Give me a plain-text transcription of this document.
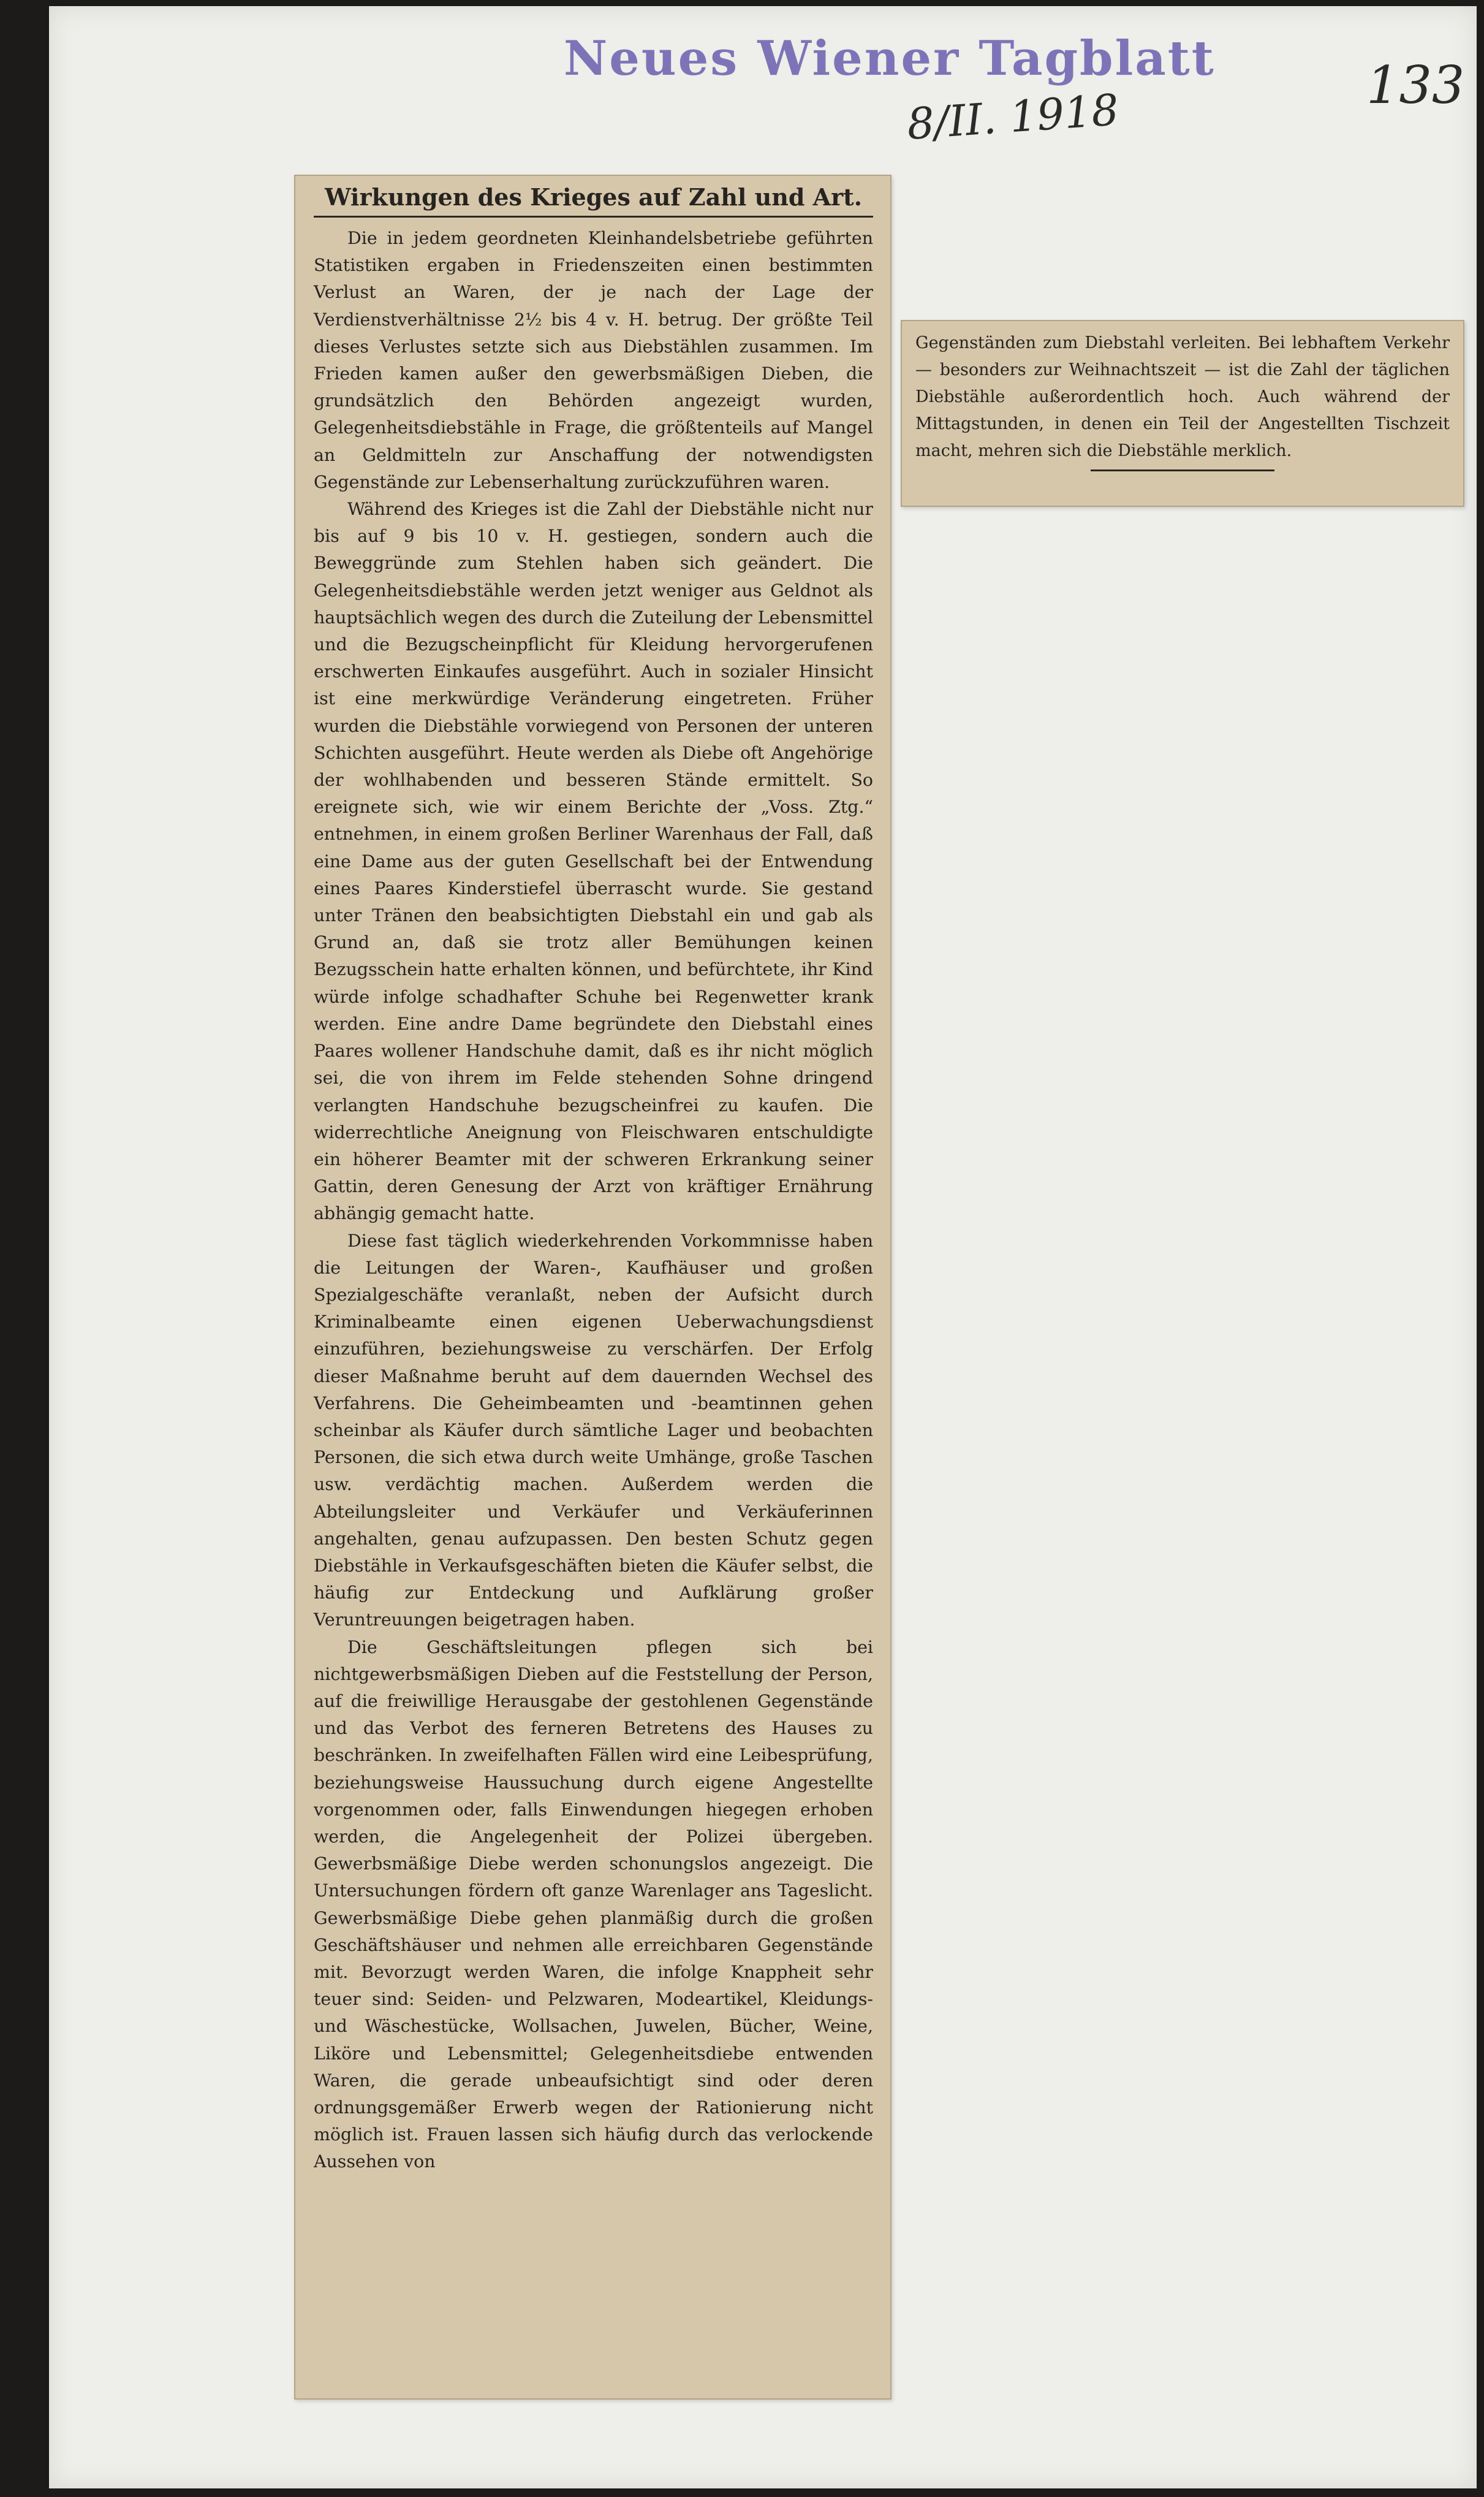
Neues Wiener Tagblatt
8/II. 1918	133
Wirkungen des Krieges auf Zahl und Art.

Die in jedem geordneten Kleinhandelsbetriebe geführten Statistiken ergaben in Friedenszeiten einen bestimmten Verlust an Waren, der je nach der Lage der Verdienstverhältnisse 2½ bis 4 v. H. betrug. Der größte Teil dieses Verlustes setzte sich aus Diebstählen zusammen. Im Frieden kamen außer den gewerbsmäßigen Dieben, die grundsätzlich den Behörden angezeigt wurden, Gelegenheitsdiebstähle in Frage, die größtenteils auf Mangel an Geldmitteln zur Anschaffung der notwendigsten Gegenstände zur Lebenserhaltung zurückzuführen waren.

Während des Krieges ist die Zahl der Diebstähle nicht nur bis auf 9 bis 10 v. H. gestiegen, sondern auch die Beweggründe zum Stehlen haben sich geändert. Die Gelegenheitsdiebstähle werden jetzt weniger aus Geldnot als hauptsächlich wegen des durch die Zuteilung der Lebensmittel und die Bezugscheinpflicht für Kleidung hervorgerufenen erschwerten Einkaufes ausgeführt. Auch in sozialer Hinsicht ist eine merkwürdige Veränderung eingetreten. Früher wurden die Diebstähle vorwiegend von Personen der unteren Schichten ausgeführt. Heute werden als Diebe oft Angehörige der wohlhabenden und besseren Stände ermittelt. So ereignete sich, wie wir einem Berichte der „Voss. Ztg.“ entnehmen, in einem großen Berliner Warenhaus der Fall, daß eine Dame aus der guten Gesellschaft bei der Entwendung eines Paares Kinderstiefel überrascht wurde. Sie gestand unter Tränen den beabsichtigten Diebstahl ein und gab als Grund an, daß sie trotz aller Bemühungen keinen Bezugsschein hatte erhalten können, und befürchtete, ihr Kind würde infolge schadhafter Schuhe bei Regenwetter krank werden. Eine andre Dame begründete den Diebstahl eines Paares wollener Handschuhe damit, daß es ihr nicht möglich sei, die von ihrem im Felde stehenden Sohne dringend verlangten Handschuhe bezugscheinfrei zu kaufen. Die widerrechtliche Aneignung von Fleischwaren entschuldigte ein höherer Beamter mit der schweren Erkrankung seiner Gattin, deren Genesung der Arzt von kräftiger Ernährung abhängig gemacht hatte.

Diese fast täglich wiederkehrenden Vorkommnisse haben die Leitungen der Waren-, Kaufhäuser und großen Spezialgeschäfte veranlaßt, neben der Aufsicht durch Kriminalbeamte einen eigenen Ueberwachungsdienst einzuführen, beziehungsweise zu verschärfen. Der Erfolg dieser Maßnahme beruht auf dem dauernden Wechsel des Verfahrens. Die Geheimbeamten und -beamtinnen gehen scheinbar als Käufer durch sämtliche Lager und beobachten Personen, die sich etwa durch weite Umhänge, große Taschen usw. verdächtig machen. Außerdem werden die Abteilungsleiter und Verkäufer und Verkäuferinnen angehalten, genau aufzupassen. Den besten Schutz gegen Diebstähle in Verkaufsgeschäften bieten die Käufer selbst, die häufig zur Entdeckung und Aufklärung großer Veruntreuungen beigetragen haben.

Die Geschäftsleitungen pflegen sich bei nichtgewerbsmäßigen Dieben auf die Feststellung der Person, auf die freiwillige Herausgabe der gestohlenen Gegenstände und das Verbot des ferneren Betretens des Hauses zu beschränken. In zweifelhaften Fällen wird eine Leibesprüfung, beziehungsweise Haussuchung durch eigene Angestellte vorgenommen oder, falls Einwendungen hiegegen erhoben werden, die Angelegenheit der Polizei übergeben. Gewerbsmäßige Diebe werden schonungslos angezeigt. Die Untersuchungen fördern oft ganze Warenlager ans Tageslicht. Gewerbsmäßige Diebe gehen planmäßig durch die großen Geschäftshäuser und nehmen alle erreichbaren Gegenstände mit. Bevorzugt werden Waren, die infolge Knappheit sehr teuer sind: Seiden- und Pelzwaren, Modeartikel, Kleidungs- und Wäschestücke, Wollsachen, Juwelen, Bücher, Weine, Liköre und Lebensmittel; Gelegenheitsdiebe entwenden Waren, die gerade unbeaufsichtigt sind oder deren ordnungsgemäßer Erwerb wegen der Rationierung nicht möglich ist. Frauen lassen sich häufig durch das verlockende Aussehen von

Gegenständen zum Diebstahl verleiten. Bei lebhaftem Verkehr — besonders zur Weihnachtszeit — ist die Zahl der täglichen Diebstähle außerordentlich hoch. Auch während der Mittagstunden, in denen ein Teil der Angestellten Tischzeit macht, mehren sich die Diebstähle merklich.
